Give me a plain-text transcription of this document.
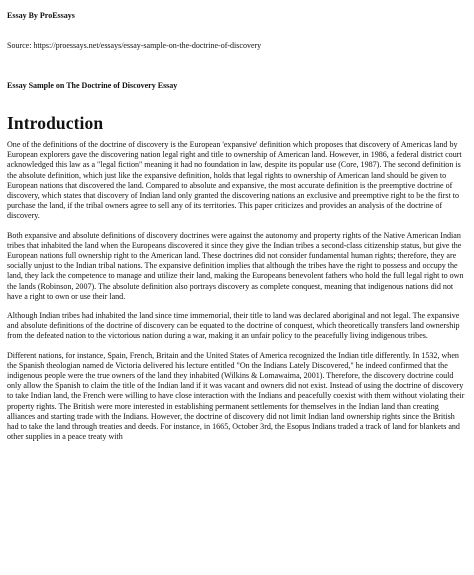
Essay By ProEssays
Source: https://proessays.net/essays/essay-sample-on-the-doctrine-of-discovery
Essay Sample on The Doctrine of Discovery Essay
Introduction

One of the definitions of the doctrine of discovery is the European 'expansive' definition which proposes that discovery of Americas land by European explorers gave the discovering nation legal right and title to ownership of American land. However, in 1986, a federal district court acknowledged this law as a "legal fiction" meaning it had no foundation in law, despite its popular use (Core, 1987). The second definition is the absolute definition, which just like the expansive definition, holds that legal rights to ownership of American land should be given to European nations that discovered the land. Compared to absolute and expansive, the most accurate definition is the preemptive doctrine of discovery, which states that discovery of Indian land only granted the discovering nations an exclusive and preemptive right to be the first to purchase the land, if the tribal owners agree to sell any of its territories. This paper criticizes and provides an analysis of the doctrine of discovery.

Both expansive and absolute definitions of discovery doctrines were against the autonomy and property rights of the Native American Indian tribes that inhabited the land when the Europeans discovered it since they give the Indian tribes a second-class citizenship status, but give the European nations full ownership right to the American land. These doctrines did not consider fundamental human rights; therefore, they are socially unjust to the Indian tribal nations. The expansive definition implies that although the tribes have the right to possess and occupy the land, they lack the competence to manage and utilize their land, making the Europeans benevolent fathers who hold the full legal right to own the lands (Robinson, 2007). The absolute definition also portrays discovery as complete conquest, meaning that indigenous nations did not have a right to own or use their land.

Although Indian tribes had inhabited the land since time immemorial, their title to land was declared aboriginal and not legal. The expansive and absolute definitions of the doctrine of discovery can be equated to the doctrine of conquest, which theoretically transfers land ownership from the defeated nation to the victorious nation during a war, making it an unfair policy to the peacefully living indigenous tribes.

Different nations, for instance, Spain, French, Britain and the United States of America recognized the Indian title differently. In 1532, when the Spanish theologian named de Victoria delivered his lecture entitled "On the Indians Lately Discovered," he indeed confirmed that the indigenous people were the true owners of the land they inhabited (Wilkins & Lomawaima, 2001). Therefore, the discovery doctrine could only allow the Spanish to claim the title of the Indian land if it was vacant and owners did not exist. Instead of using the doctrine of discovery to take Indian land, the French were willing to have close interaction with the Indians and peacefully coexist with them without violating their property rights. The British were more interested in establishing permanent settlements for themselves in the Indian land than creating alliances and starting trade with the Indians. However, the doctrine of discovery did not limit Indian land ownership rights since the British had to take the land through treaties and deeds. For instance, in 1665, October 3rd, the Esopus Indians traded a track of land for blankets and other supplies in a peace treaty with
